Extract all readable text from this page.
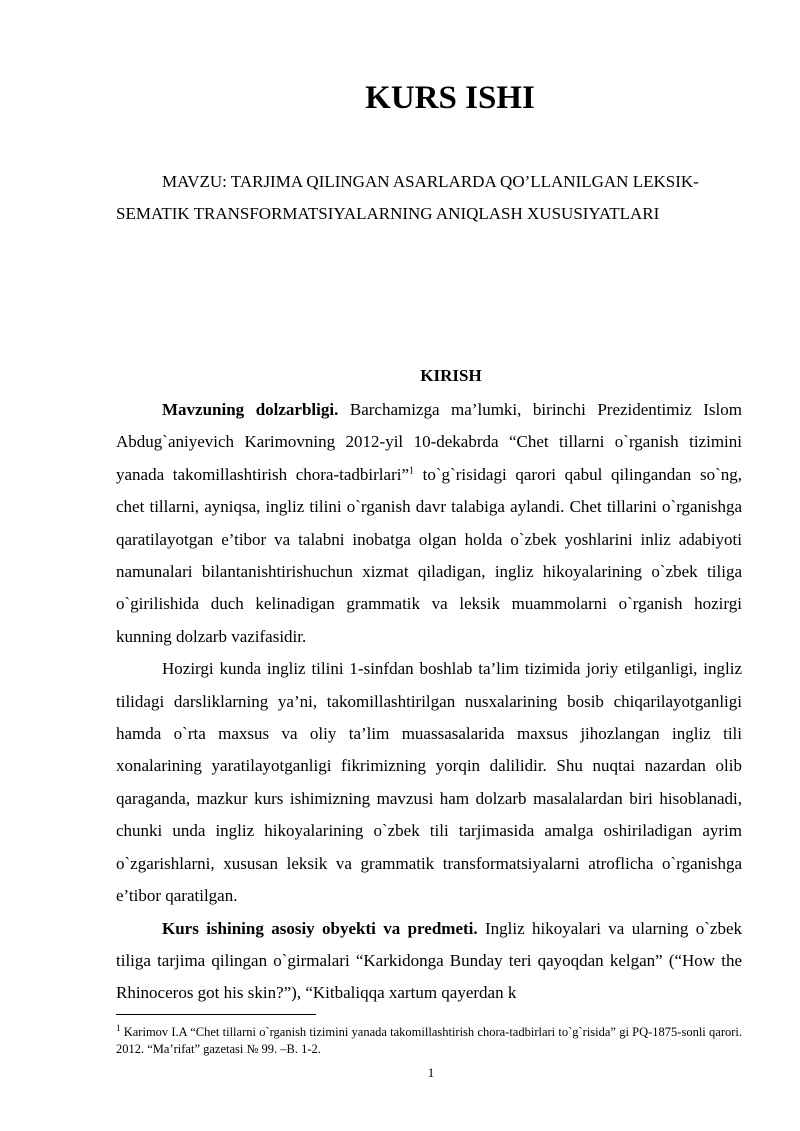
KURS ISHI
MAVZU: TARJIMA QILINGAN ASARLARDA QO’LLANILGAN LEKSIK-SEMATIK TRANSFORMATSIYALARNING ANIQLASH XUSUSIYATLARI
KIRISH

Mavzuning dolzarbligi. Barchamizga ma’lumki, birinchi Prezidentimiz Islom Abdug`aniyevich Karimovning 2012-yil 10-dekabrda “Chet tillarni o`rganish tizimini yanada takomillashtirish chora-tadbirlari”$^1$ to`g`risidagi qarori qabul qilingandan so`ng, chet tillarni, ayniqsa, ingliz tilini o`rganish davr talabiga aylandi. Chet tillarini o`rganishga qaratilayotgan e’tibor va talabni inobatga olgan holda o`zbek yoshlarini inliz adabiyoti namunalari bilantanishtirishuchun xizmat qiladigan, ingliz hikoyalarining o`zbek tiliga o`girilishida duch kelinadigan grammatik va leksik muammolarni o`rganish hozirgi kunning dolzarb vazifasidir.

Hozirgi kunda ingliz tilini 1-sinfdan boshlab ta’lim tizimida joriy etilganligi, ingliz tilidagi darsliklarning ya’ni, takomillashtirilgan nusxalarining bosib chiqarilayotganligi hamda o`rta maxsus va oliy ta’lim muassasalarida maxsus jihozlangan ingliz tili xonalarining yaratilayotganligi fikrimizning yorqin dalilidir. Shu nuqtai nazardan olib qaraganda, mazkur kurs ishimizning mavzusi ham dolzarb masalalardan biri hisoblanadi, chunki unda ingliz hikoyalarining o`zbek tili tarjimasida amalga oshiriladigan ayrim o`zgarishlarni, xususan leksik va grammatik transformatsiyalarni atroflicha o`rganishga e’tibor qaratilgan.

Kurs ishining asosiy obyekti va predmeti. Ingliz hikoyalari va ularning o`zbek tiliga tarjima qilingan o`girmalari “Karkidonga Bunday teri qayoqdan kelgan” (“How the Rhinoceros got his skin?”), “Kitbaliqqa xartum qayerdan k

$^1$ Karimov I.A “Chet tillarni o`rganish tizimini yanada takomillashtirish chora-tadbirlari to`g`risida” gi PQ-1875-sonli qarori. 2012. “Ma’rifat” gazetasi № 99. –B. 1-2.
1
